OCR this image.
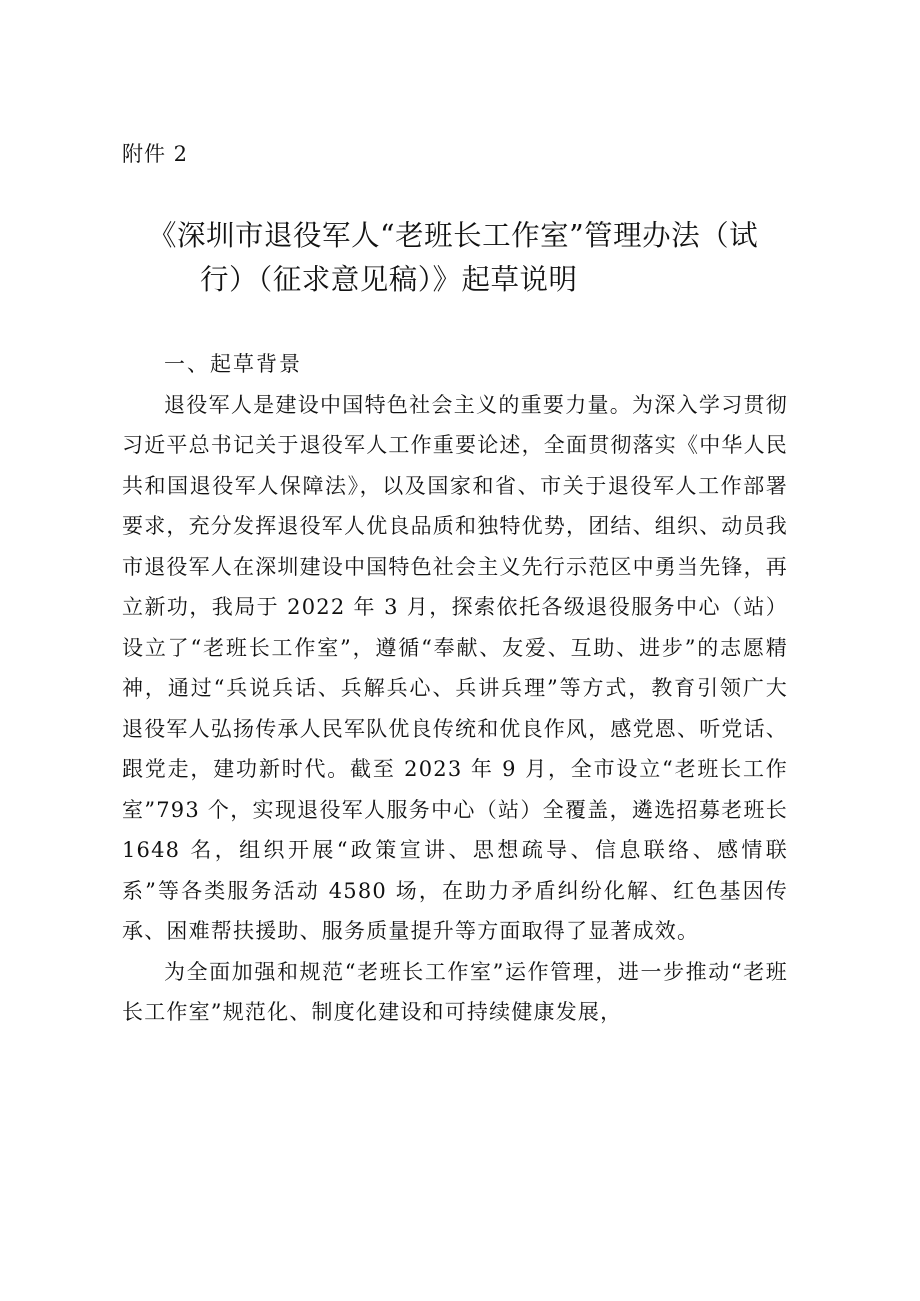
附件 2
《深圳市退役军人“老班长工作室”管理办法（试
行）（征求意见稿）》起草说明

一、起草背景

退役军人是建设中国特色社会主义的重要力量。为深入学习贯彻习近平总书记关于退役军人工作重要论述，全面贯彻落实《中华人民共和国退役军人保障法》，以及国家和省、市关于退役军人工作部署要求，充分发挥退役军人优良品质和独特优势，团结、组织、动员我市退役军人在深圳建设中国特色社会主义先行示范区中勇当先锋，再立新功，我局于 2022 年 3 月，探索依托各级退役服务中心（站）设立了“老班长工作室”，遵循“奉献、友爱、互助、进步”的志愿精神，通过“兵说兵话、兵解兵心、兵讲兵理”等方式，教育引领广大退役军人弘扬传承人民军队优良传统和优良作风，感党恩、听党话、跟党走，建功新时代。截至 2023 年 9 月，全市设立“老班长工作室”793 个，实现退役军人服务中心（站）全覆盖，遴选招募老班长 1648 名，组织开展“政策宣讲、思想疏导、信息联络、感情联系”等各类服务活动 4580 场，在助力矛盾纠纷化解、红色基因传承、困难帮扶援助、服务质量提升等方面取得了显著成效。

为全面加强和规范“老班长工作室”运作管理，进一步推动“老班长工作室”规范化、制度化建设和可持续健康发展，
